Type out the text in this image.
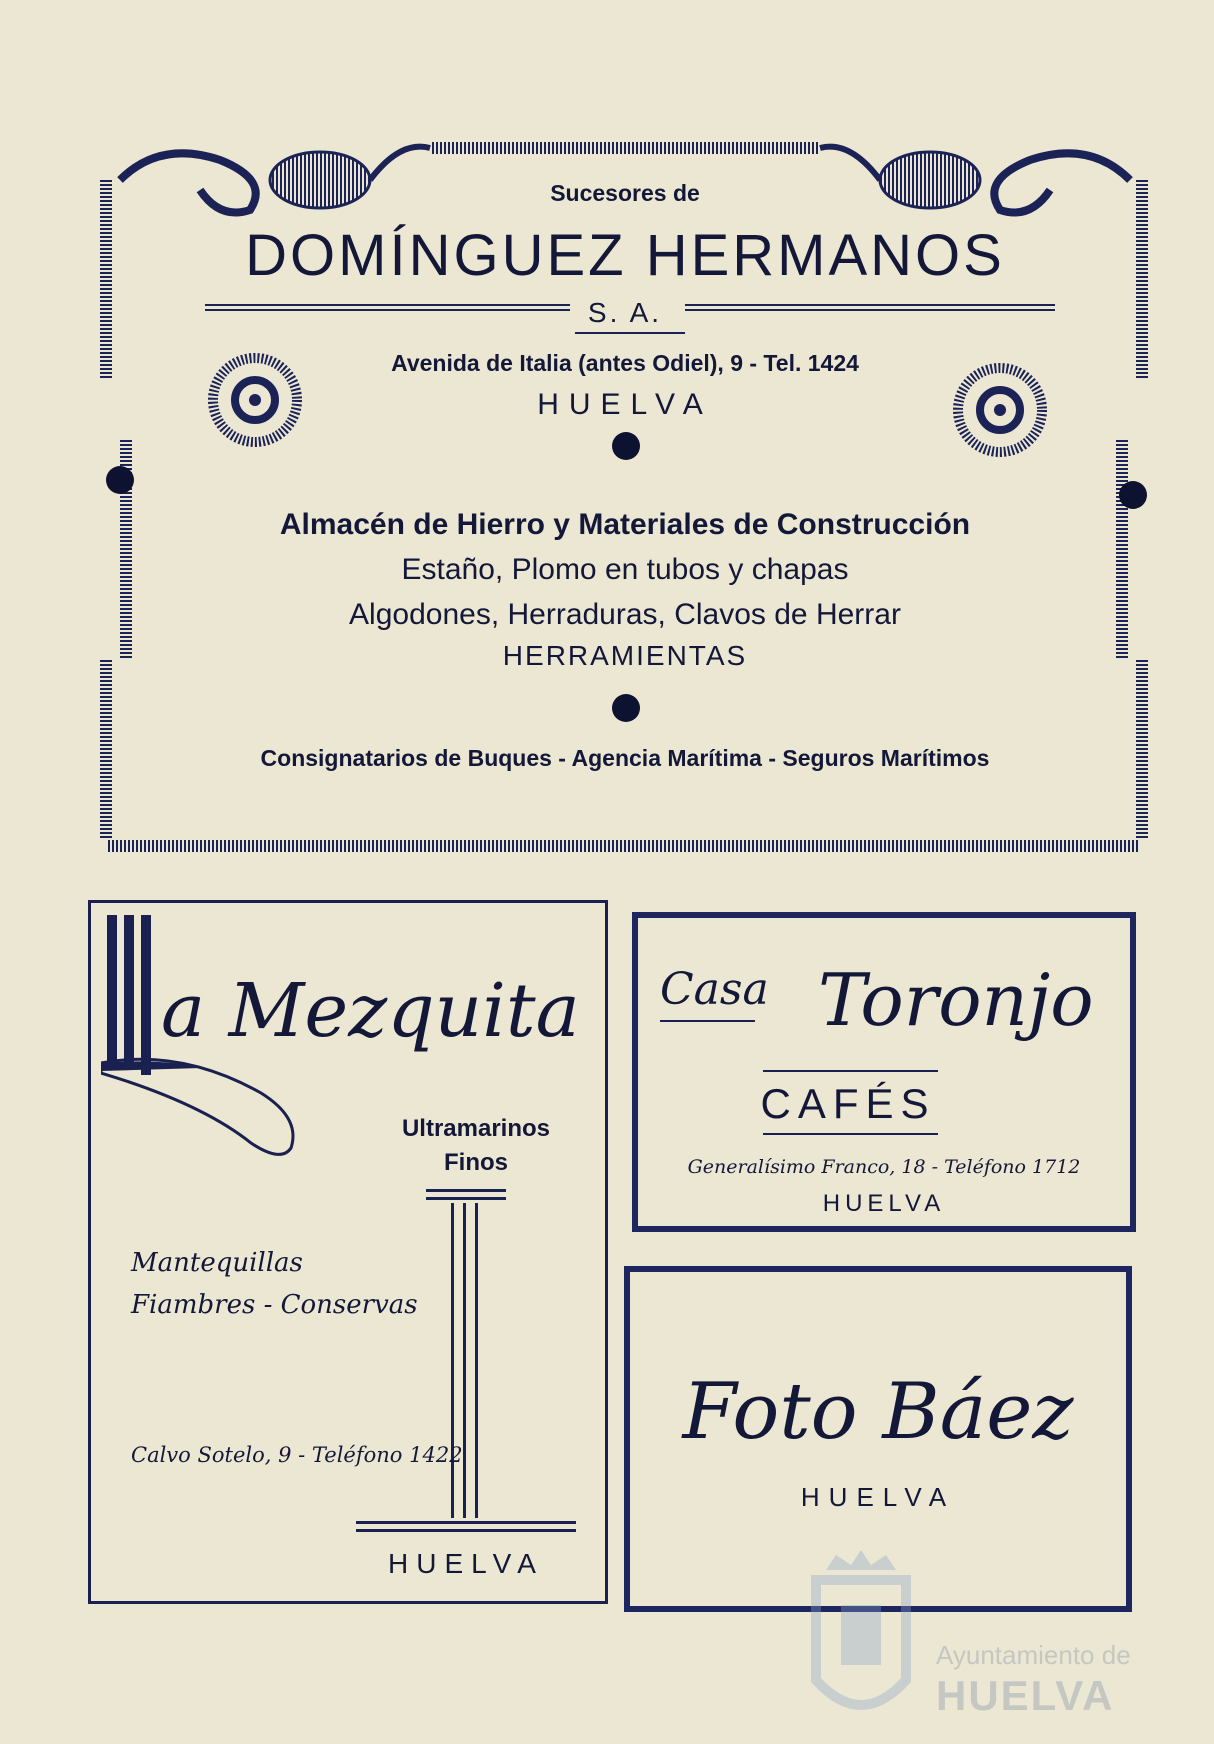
Sucesores de
DOMÍNGUEZ HERMANOS
S. A.
Avenida de Italia (antes Odiel), 9 - Tel. 1424
HUELVA
Almacén de Hierro y Materiales de Construcción
Estaño, Plomo en tubos y chapas
Algodones, Herraduras, Clavos de Herrar
HERRAMIENTAS
Consignatarios de Buques - Agencia Marítima - Seguros Marítimos
a Mezquita
Ultramarinos
Finos
Mantequillas
Fiambres - Conservas
Calvo Sotelo, 9 - Teléfono 1422
HUELVA
Casa Toronjo
CAFÉS
Generalísimo Franco, 18 - Teléfono 1712
HUELVA
Foto Báez
HUELVA
Ayuntamiento de
HUELVA
